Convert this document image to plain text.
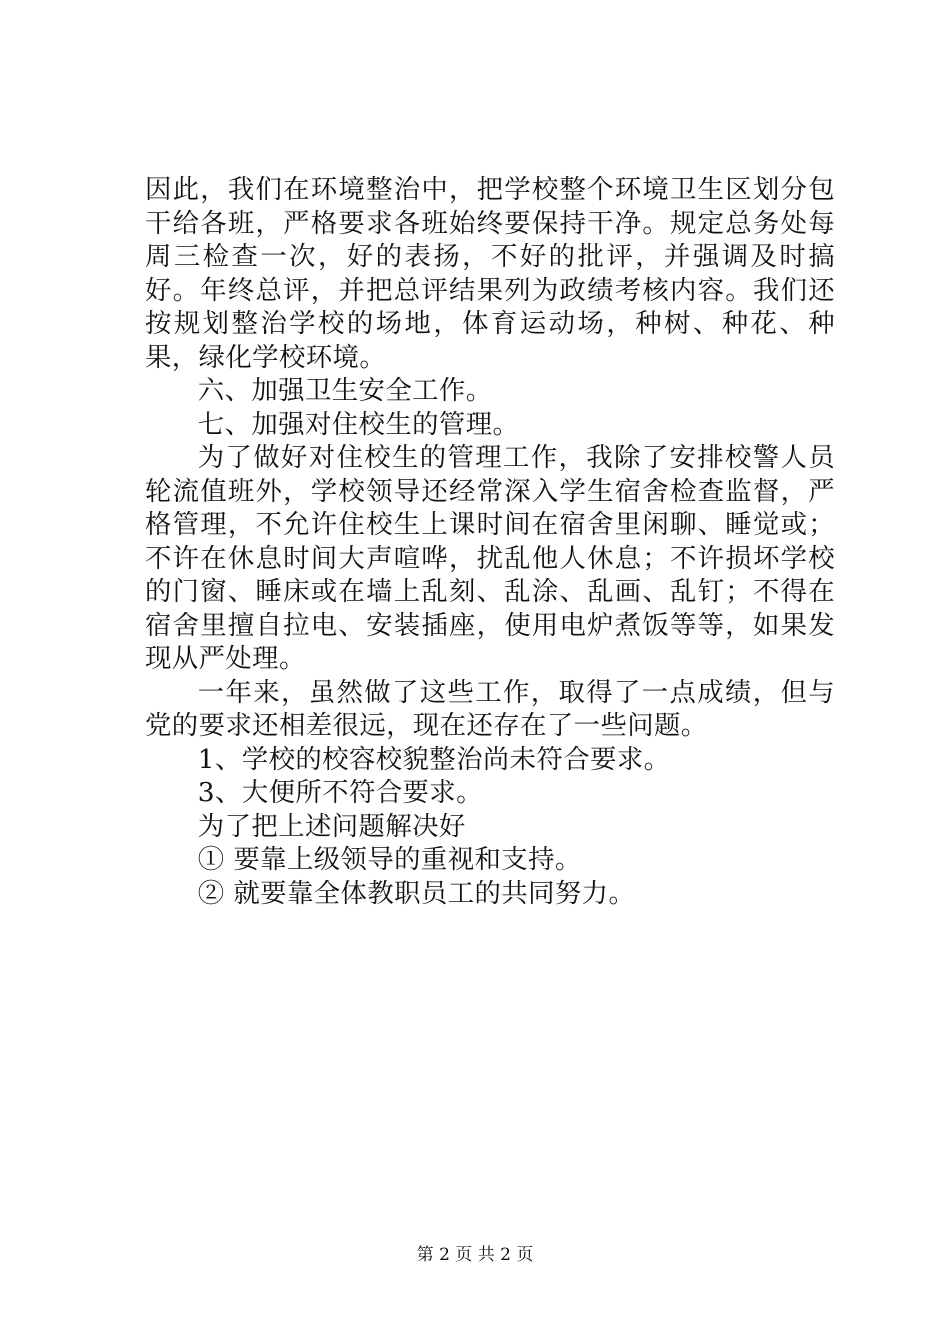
因此，我们在环境整治中，把学校整个环境卫生区划分包干给各班，严格要求各班始终要保持干净。规定总务处每周三检查一次，好的表扬，不好的批评，并强调及时搞好。年终总评，并把总评结果列为政绩考核内容。我们还按规划整治学校的场地，体育运动场，种树、种花、种果，绿化学校环境。

六、加强卫生安全工作。

七、加强对住校生的管理。

为了做好对住校生的管理工作，我除了安排校警人员轮流值班外，学校领导还经常深入学生宿舍检查监督，严格管理，不允许住校生上课时间在宿舍里闲聊、睡觉或；不许在休息时间大声喧哗，扰乱他人休息；不许损坏学校的门窗、睡床或在墙上乱刻、乱涂、乱画、乱钉；不得在宿舍里擅自拉电、安装插座，使用电炉煮饭等等，如果发现从严处理。

一年来，虽然做了这些工作，取得了一点成绩，但与党的要求还相差很远，现在还存在了一些问题。

1、学校的校容校貌整治尚未符合要求。

3、大便所不符合要求。

为了把上述问题解决好

① 要靠上级领导的重视和支持。

② 就要靠全体教职员工的共同努力。

第 2 页 共 2 页
